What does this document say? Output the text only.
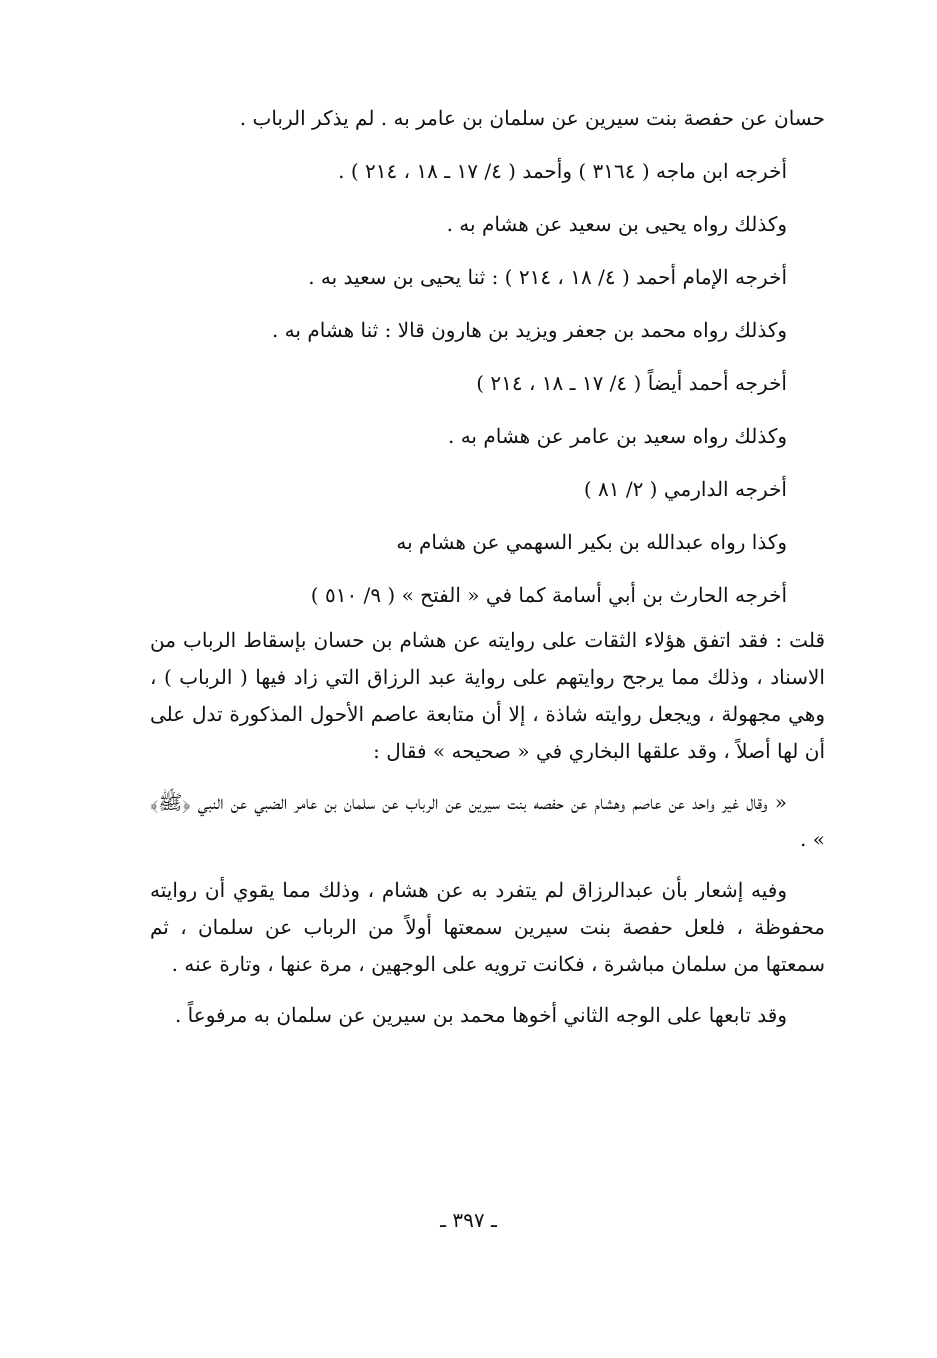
حسان عن حفصة بنت سيرين عن سلمان بن عامر به . لم يذكر الرباب .
أخرجه ابن ماجه ( ٣١٦٤ ) وأحمد ( ٤/ ١٧ ـ ١٨ ، ٢١٤ ) .
وكذلك رواه يحيى بن سعيد عن هشام به .
أخرجه الإمام أحمد ( ٤/ ١٨ ، ٢١٤ ) : ثنا يحيى بن سعيد به .
وكذلك رواه محمد بن جعفر ويزيد بن هارون قالا : ثنا هشام به .
أخرجه أحمد أيضاً ( ٤/ ١٧ ـ ١٨ ، ٢١٤ )
وكذلك رواه سعيد بن عامر عن هشام به .
أخرجه الدارمي ( ٢/ ٨١ )
وكذا رواه عبدالله بن بكير السهمي عن هشام به
أخرجه الحارث بن أبي أسامة كما في « الفتح » ( ٩/ ٥١٠ )

قلت : فقد اتفق هؤلاء الثقات على روايته عن هشام بن حسان بإسقاط الرباب من الاسناد ، وذلك مما يرجح روايتهم على رواية عبد الرزاق التي زاد فيها ( الرباب ) ، وهي مجهولة ، ويجعل روايته شاذة ، إلا أن متابعة عاصم الأحول المذكورة تدل على أن لها أصلاً ، وقد علقها البخاري في « صحيحه » فقال :

« وقال غير واحد عن عاصم وهشام عن حفصه بنت سيرين عن الرباب عن سلمان بن عامر الضبي عن النبي ﴿ﷺ﴾ » .

وفيه إشعار بأن عبدالرزاق لم يتفرد به عن هشام ، وذلك مما يقوي أن روايته محفوظة ، فلعل حفصة بنت سيرين سمعتها أولاً من الرباب عن سلمان ، ثم سمعتها من سلمان مباشرة ، فكانت ترويه على الوجهين ، مرة عنها ، وتارة عنه .

وقد تابعها على الوجه الثاني أخوها محمد بن سيرين عن سلمان به مرفوعاً .

ـ ٣٩٧ ـ
